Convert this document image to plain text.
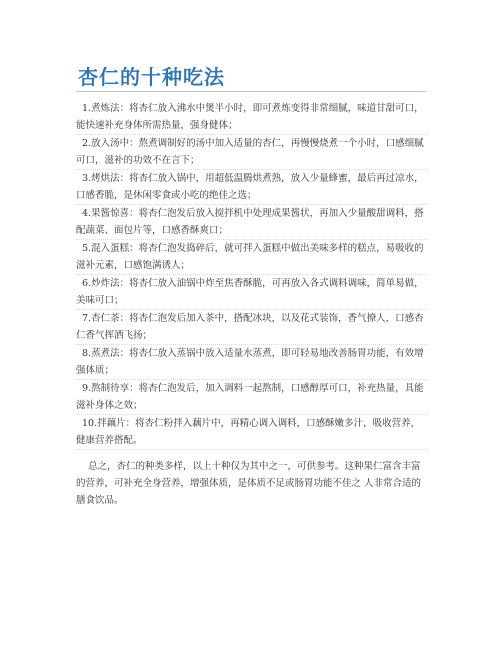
杏仁的十种吃法

1.煮炼法：将杏仁放入沸水中煲半小时，即可煮炼变得非常细腻，味道甘甜可口，能快速补充身体所需热量，强身健体；

2.放入汤中：熬煮调制好的汤中加入适量的杏仁，再慢慢烧煮一个小时，口感细腻可口，滋补的功效不在言下；

3.烤烘法：将杏仁放入锅中，用超低温腾烘煮熟，放入少量蜂蜜，最后再过凉水，口感香脆，是休闲零食或小吃的绝佳之选；

4.果酱惊喜：将杏仁泡发后放入搅拌机中处理成果酱状，再加入少量酸甜调料，搭配蔬菜、面包片等，口感香酥爽口；

5.混入蛋糕：将杏仁泡发捣碎后，就可拌入蛋糕中做出美味多样的糕点，易吸收的滋补元素，口感饱满诱人；

6.炒炸法：将杏仁放入油锅中炸至焦香酥脆，可再放入各式调料调味，简单易做，美味可口；

7.杏仁茶：将杏仁泡发后加入茶中，搭配冰块，以及花式装饰，香气撩人，口感杏仁香气挥洒飞扬；

8.蒸煮法：将杏仁放入蒸锅中放入适量水蒸煮，即可轻易地改善肠胃功能，有效增强体质；

9.熬制待享：将杏仁泡发后，加入调料一起熬制，口感醇厚可口，补充热量，具能滋补身体之效；

10.拌藕片：将杏仁粉拌入藕片中，再精心调入调料，口感酥嫩多汁，吸收营养，健康营养搭配。

总之，杏仁的种类多样，以上十种仅为其中之一，可供参考。这种果仁富含丰富的营养，可补充全身营养，增强体质，是体质不足或肠胃功能不佳之 人非常合适的膳食饮品。
